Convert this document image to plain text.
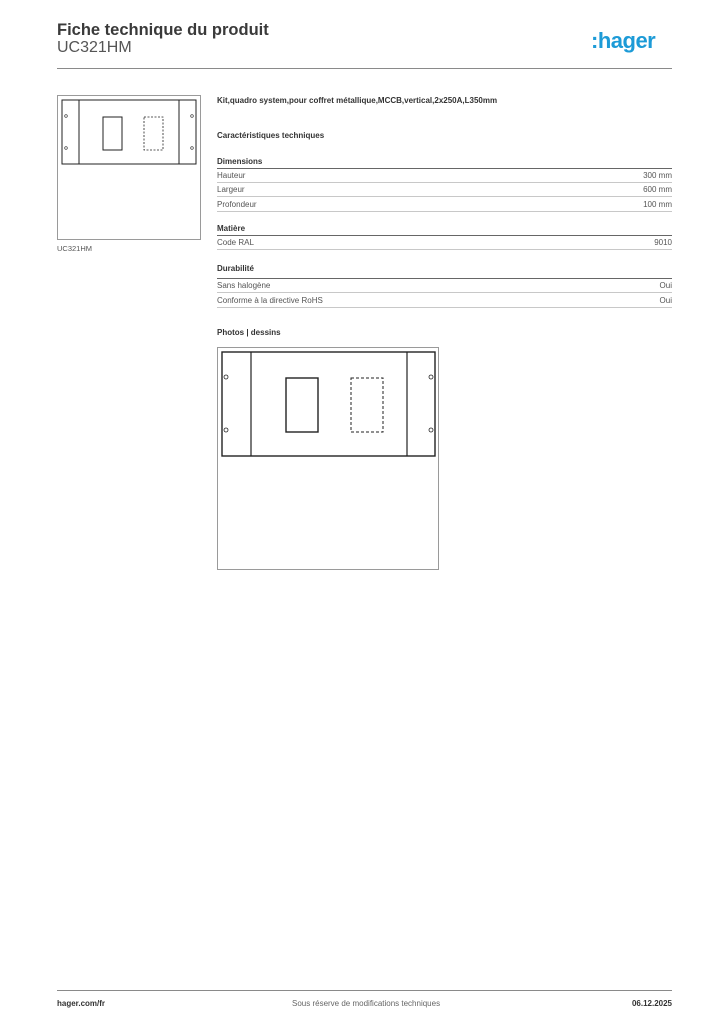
Fiche technique du produit
UC321HM	:hager
UC321HM
Kit,quadro system,pour coffret métallique,MCCB,vertical,2x250A,L350mm
Caractéristiques techniques
Dimensions
Hauteur	300 mm
Largeur	600 mm
Profondeur	100 mm
Matière
Code RAL	9010
Durabilité
Sans halogène	Oui
Conforme à la directive RoHS	Oui
Photos | dessins
hager.com/fr	Sous réserve de modifications techniques	06.12.2025
